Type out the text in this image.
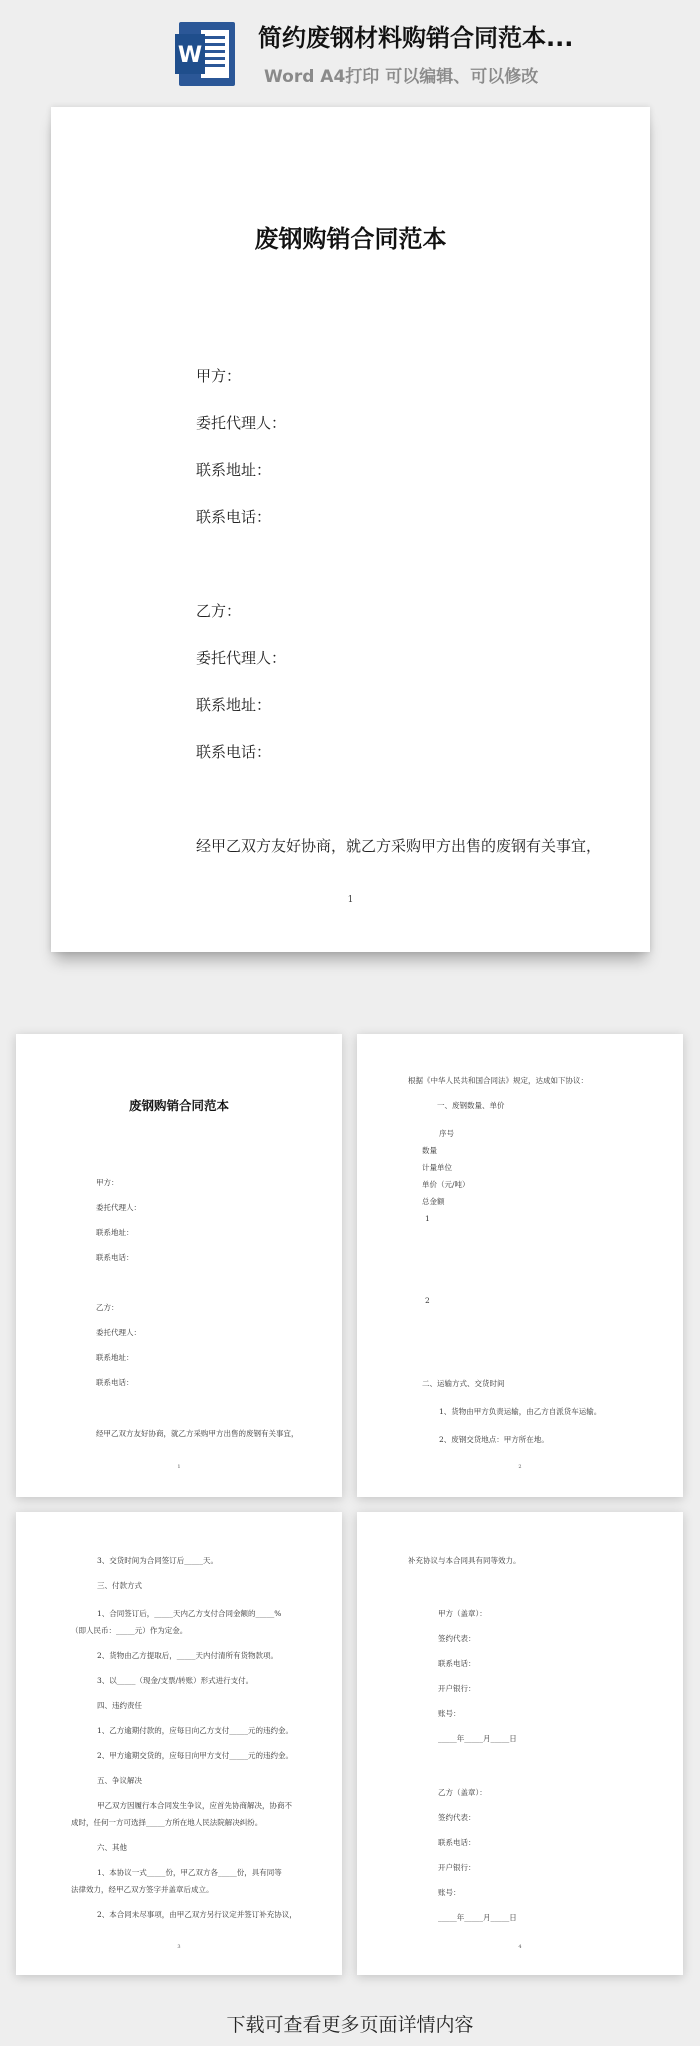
W
简约废钢材料购销合同范本...
Word A4打印 可以编辑、可以修改
废钢购销合同范本
甲方：
委托代理人：
联系地址：
联系电话：
乙方：
委托代理人：
联系地址：
联系电话：
经甲乙双方友好协商，就乙方采购甲方出售的废钢有关事宜，
1
废钢购销合同范本
甲方：
委托代理人：
联系地址：
联系电话：
乙方：
委托代理人：
联系地址：
联系电话：
经甲乙双方友好协商，就乙方采购甲方出售的废钢有关事宜，
1
根据《中华人民共和国合同法》规定，达成如下协议：
一、废钢数量、单价
序号
数量
计量单位
单价（元/吨）
总金额
1
2
二、运输方式、交货时间
1、货物由甲方负责运输，由乙方自派货车运输。
2、废钢交货地点：甲方所在地。
2
3、交货时间为合同签订后_____天。
三、付款方式
1、合同签订后，_____天内乙方支付合同金额的_____%
（即人民币：_____元）作为定金。
2、货物由乙方提取后，_____天内付清所有货物款项。
3、以_____（现金/支票/转账）形式进行支付。
四、违约责任
1、乙方逾期付款的，应每日向乙方支付_____元的违约金。
2、甲方逾期交货的，应每日向甲方支付_____元的违约金。
五、争议解决
甲乙双方因履行本合同发生争议，应首先协商解决，协商不
成时，任何一方可选择_____方所在地人民法院解决纠纷。
六、其他
1、本协议一式_____份，甲乙双方各_____份，具有同等
法律效力，经甲乙双方签字并盖章后成立。
2、本合同未尽事项，由甲乙双方另行议定并签订补充协议，
3
补充协议与本合同具有同等效力。
甲方（盖章）：
签约代表：
联系电话：
开户银行：
账号：
_____年_____月_____日
乙方（盖章）：
签约代表：
联系电话：
开户银行：
账号：
_____年_____月_____日
4
下载可查看更多页面详情内容
